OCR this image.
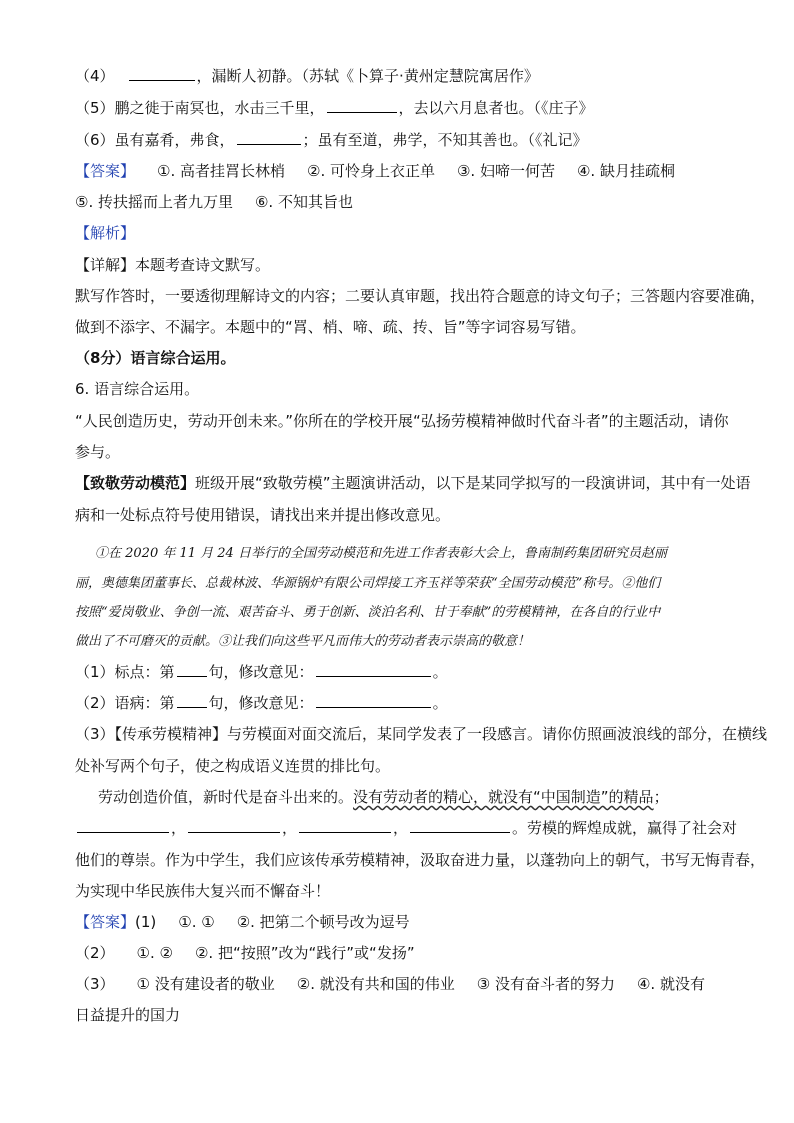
（4）	，漏断人初静。（苏轼《卜算子·黄州定慧院寓居作》
（5）鹏之徙于南冥也，水击三千里，	，去以六月息者也。（《庄子》
（6）虽有嘉肴，弗食，	；虽有至道，弗学，不知其善也。（《礼记》
【答案】 ①. 高者挂罥长林梢 ②. 可怜身上衣正单 ③. 妇啼一何苦 ④. 缺月挂疏桐
⑤. 抟扶摇而上者九万里 ⑥. 不知其旨也
【解析】
【详解】本题考查诗文默写。
默写作答时，一要透彻理解诗文的内容；二要认真审题，找出符合题意的诗文句子；三答题内容要准确，
做到不添字、不漏字。本题中的“罥、梢、啼、疏、抟、旨”等字词容易写错。
（8分）语言综合运用。
6. 语言综合运用。
“人民创造历史，劳动开创未来。”你所在的学校开展“弘扬劳模精神做时代奋斗者”的主题活动，请你
参与。
【致敬劳动模范】班级开展“致敬劳模”主题演讲活动，以下是某同学拟写的一段演讲词，其中有一处语
病和一处标点符号使用错误，请找出来并提出修改意见。
①在 2020 年 11 月 24 日举行的全国劳动模范和先进工作者表彰大会上，鲁南制药集团研究员赵丽
丽，奥德集团董事长、总裁林波、华源锅炉有限公司焊接工齐玉祥等荣获“全国劳动模范”称号。②他们
按照“爱岗敬业、争创一流、艰苦奋斗、勇于创新、淡泊名利、甘于奉献”的劳模精神，在各自的行业中
做出了不可磨灭的贡献。③让我们向这些平凡而伟大的劳动者表示崇高的敬意！
（1）标点：第 句，修改意见：	。
（2）语病：第 句，修改意见：	。
（3）【传承劳模精神】与劳模面对面交流后，某同学发表了一段感言。请你仿照画波浪线的部分，在横线
处补写两个句子，使之构成语义连贯的排比句。
劳动创造价值，新时代是奋斗出来的。没有劳动者的精心，就没有“中国制造”的精品；
，	，	，	。劳模的辉煌成就，赢得了社会对
他们的尊崇。作为中学生，我们应该传承劳模精神，汲取奋进力量，以蓬勃向上的朝气，书写无悔青春，
为实现中华民族伟大复兴而不懈奋斗！
【答案】(1) ①. ① ②. 把第二个顿号改为逗号
（2） ①. ② ②. 把“按照”改为“践行”或“发扬”
（3） ① 没有建设者的敬业 ②. 就没有共和国的伟业 ③ 没有奋斗者的努力 ④. 就没有
日益提升的国力
